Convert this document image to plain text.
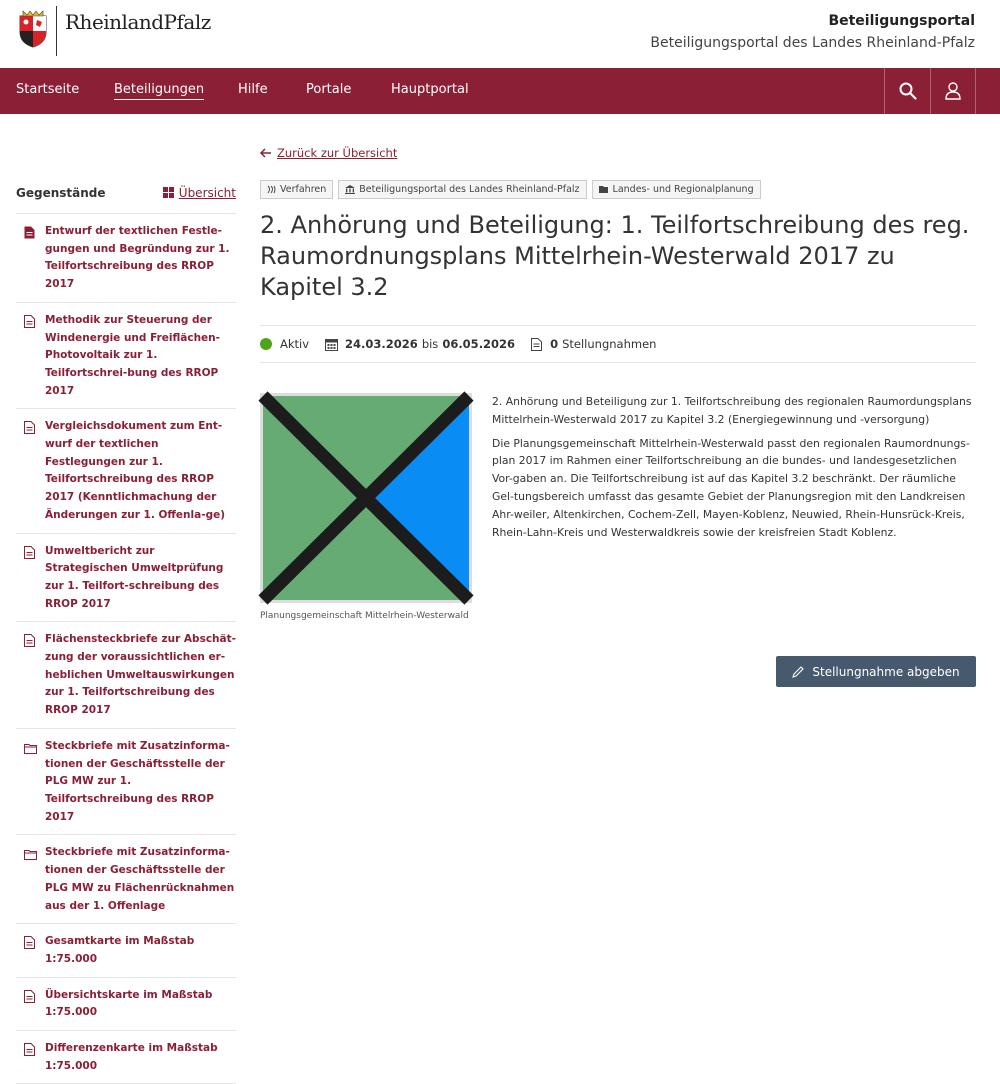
RheinlandPfalz	Beteiligungsportal
Beteiligungsportal des Landes Rheinland-Pfalz
Startseite	Beteiligungen	Hilfe	Portale	Hauptportal
Gegenstände	Übersicht
Entwurf der textlichen Festle-gungen und Begründung zur 1. Teilfortschreibung des RROP 2017
Methodik zur Steuerung der Windenergie und Freiflächen-Photovoltaik zur 1. Teilfortschrei-bung des RROP 2017
Vergleichsdokument zum Ent-wurf der textlichen Festlegungen zur 1. Teilfortschreibung des RROP 2017 (Kenntlichmachung der Änderungen zur 1. Offenla-ge)
Umweltbericht zur Strategischen Umweltprüfung zur 1. Teilfort-schreibung des RROP 2017
Flächensteckbriefe zur Abschät-zung der voraussichtlichen er-heblichen Umweltauswirkungen zur 1. Teilfortschreibung des RROP 2017
Steckbriefe mit Zusatzinforma-tionen der Geschäftsstelle der PLG MW zur 1. Teilfortschreibung des RROP 2017
Steckbriefe mit Zusatzinforma-tionen der Geschäftsstelle der PLG MW zu Flächenrücknahmen aus der 1. Offenlage
Gesamtkarte im Maßstab 1:75.000
Übersichtskarte im Maßstab 1:75.000
Differenzenkarte im Maßstab 1:75.000
Zurück zur Übersicht
Verfahren	Beteiligungsportal des Landes Rheinland-Pfalz	Landes- und Regionalplanung
2. Anhörung und Beteiligung: 1. Teilfortschreibung des reg. Raumordnungsplans Mittelrhein-Westerwald 2017 zu Kapitel 3.2
Aktiv	24.03.2026 bis 06.05.2026	0 Stellungnahmen
Planungsgemeinschaft Mittelrhein-Westerwald

2. Anhörung und Beteiligung zur 1. Teilfortschreibung des regionalen Raumordungsplans Mittelrhein-Westerwald 2017 zu Kapitel 3.2 (Energiegewinnung und -versorgung)

Die Planungsgemeinschaft Mittelrhein-Westerwald passt den regionalen Raumordnungs-plan 2017 im Rahmen einer Teilfortschreibung an die bundes- und landesgesetzlichen Vor-gaben an. Die Teilfortschreibung ist auf das Kapitel 3.2 beschränkt. Der räumliche Gel-tungsbereich umfasst das gesamte Gebiet der Planungsregion mit den Landkreisen Ahr-weiler, Altenkirchen, Cochem-Zell, Mayen-Koblenz, Neuwied, Rhein-Hunsrück-Kreis, Rhein-Lahn-Kreis und Westerwaldkreis sowie der kreisfreien Stadt Koblenz.

Stellungnahme abgeben
